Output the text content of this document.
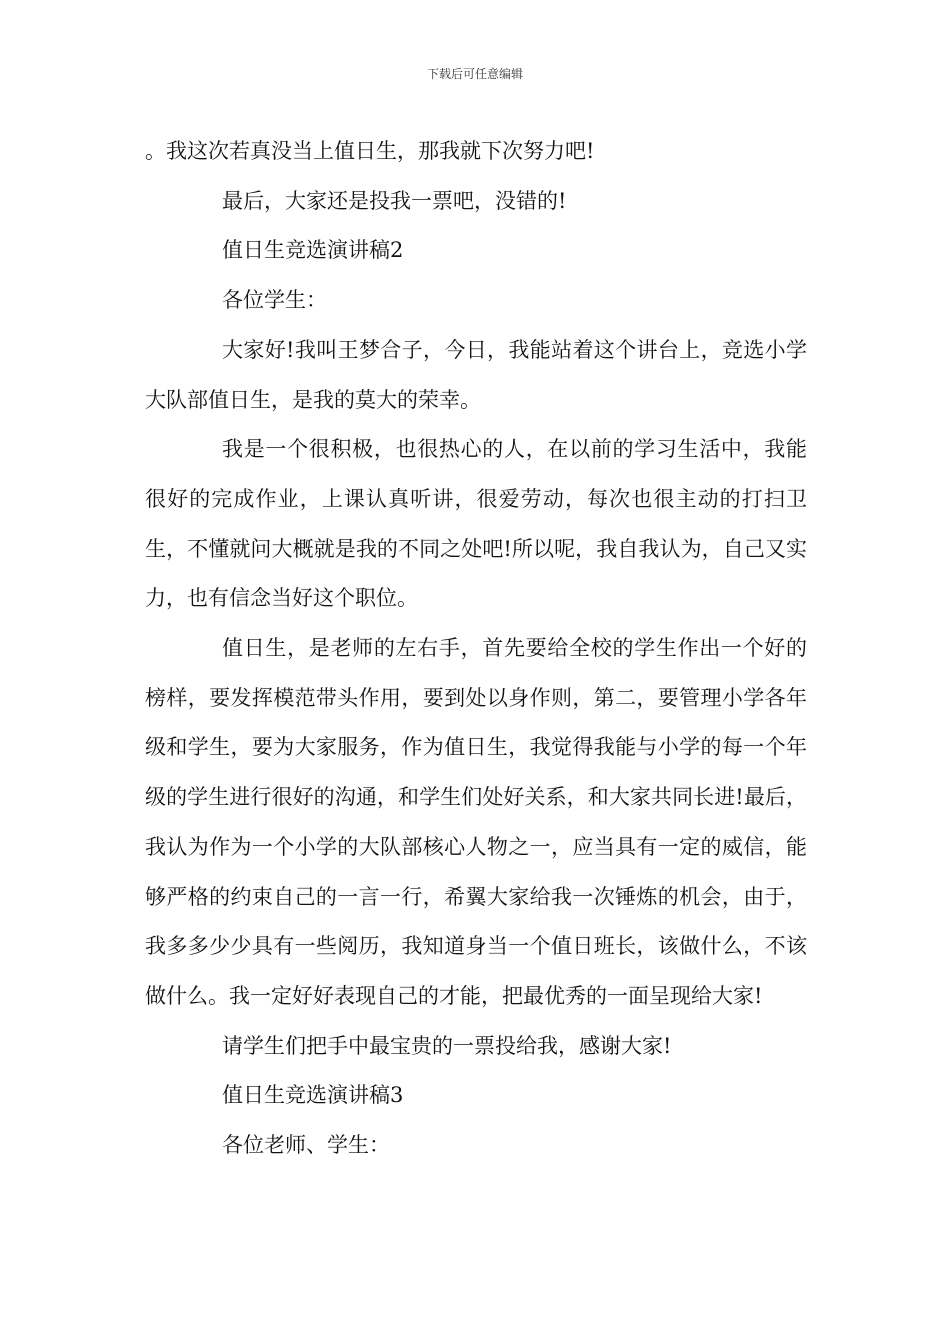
下载后可任意编辑

。我这次若真没当上值日生，那我就下次努力吧!

最后，大家还是投我一票吧，没错的!

值日生竞选演讲稿2

各位学生：

大家好!我叫王梦合子，今日，我能站着这个讲台上，竞选小学大队部值日生，是我的莫大的荣幸。

我是一个很积极，也很热心的人，在以前的学习生活中，我能很好的完成作业，上课认真听讲，很爱劳动，每次也很主动的打扫卫生，不懂就问大概就是我的不同之处吧!所以呢，我自我认为，自己又实力，也有信念当好这个职位。

值日生，是老师的左右手，首先要给全校的学生作出一个好的榜样，要发挥模范带头作用，要到处以身作则，第二，要管理小学各年级和学生，要为大家服务，作为值日生，我觉得我能与小学的每一个年级的学生进行很好的沟通，和学生们处好关系，和大家共同长进!最后，我认为作为一个小学的大队部核心人物之一，应当具有一定的威信，能够严格的约束自己的一言一行，希翼大家给我一次锤炼的机会，由于，我多多少少具有一些阅历，我知道身当一个值日班长，该做什么，不该做什么。我一定好好表现自己的才能，把最优秀的一面呈现给大家!

请学生们把手中最宝贵的一票投给我，感谢大家!

值日生竞选演讲稿3

各位老师、学生：
